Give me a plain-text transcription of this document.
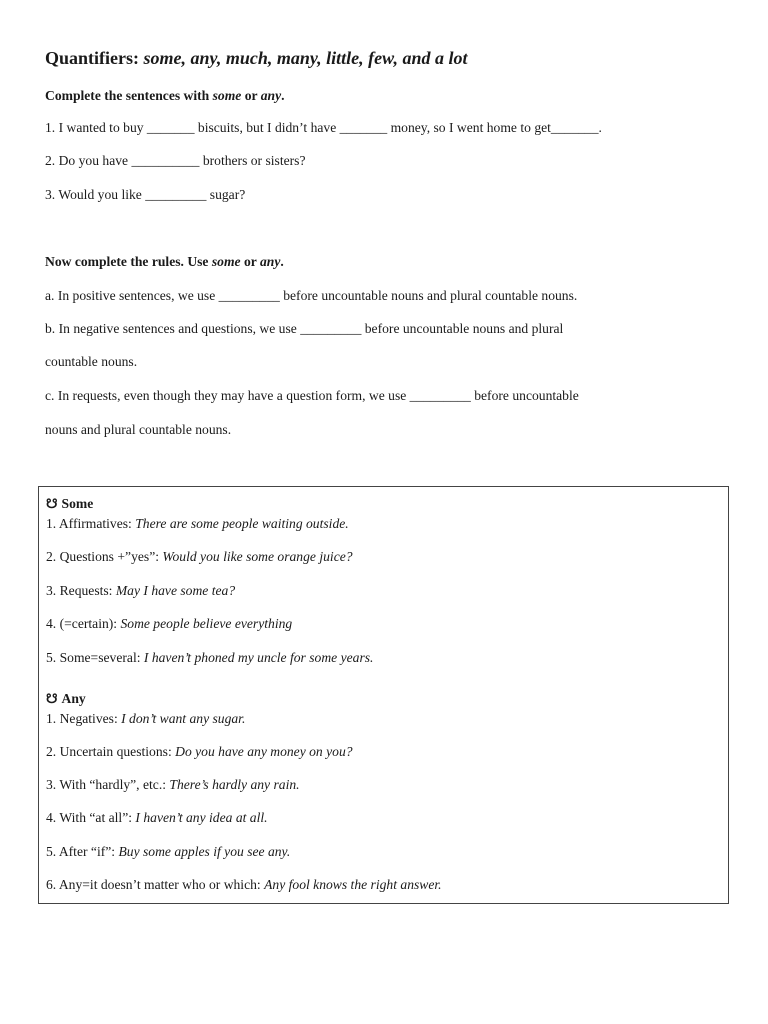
Quantifiers: some, any, much, many, little, few, and a lot
Complete the sentences with some or any.
1. I wanted to buy _______ biscuits, but I didn’t have _______ money, so I went home to get_______.
2. Do you have __________ brothers or sisters?
3. Would you like _________ sugar?
Now complete the rules. Use some or any.
a. In positive sentences, we use _________ before uncountable nouns and plural countable nouns.
b. In negative sentences and questions, we use _________ before uncountable nouns and plural
countable nouns.
c. In requests, even though they may have a question form, we use _________ before uncountable
nouns and plural countable nouns.
☋ Some
1. Affirmatives: There are some people waiting outside.
2. Questions +”yes”: Would you like some orange juice?
3. Requests: May I have some tea?
4. (=certain): Some people believe everything
5. Some=several: I haven’t phoned my uncle for some years.
☋ Any
1. Negatives: I don’t want any sugar.
2. Uncertain questions: Do you have any money on you?
3. With “hardly”, etc.: There’s hardly any rain.
4. With “at all”: I haven’t any idea at all.
5. After “if”: Buy some apples if you see any.
6. Any=it doesn’t matter who or which: Any fool knows the right answer.
